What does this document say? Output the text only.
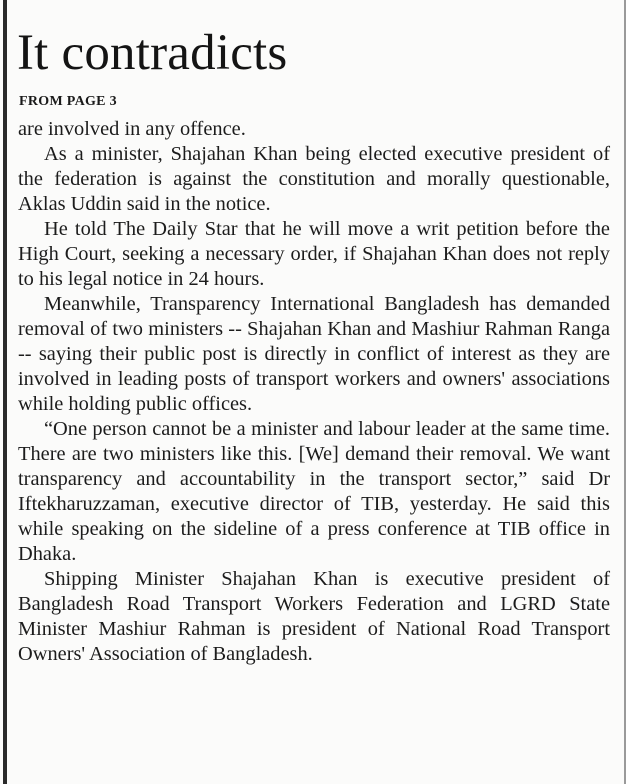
It contradicts
FROM PAGE 3

are involved in any offence.

As a minister, Shajahan Khan being elected executive president of the federation is against the constitution and morally questionable, Aklas Uddin said in the notice.

He told The Daily Star that he will move a writ petition before the High Court, seeking a necessary order, if Shajahan Khan does not reply to his legal notice in 24 hours.

Meanwhile, Transparency International Bangladesh has demanded removal of two ministers -- Shajahan Khan and Mashiur Rahman Ranga -- saying their public post is directly in conflict of interest as they are involved in leading posts of transport workers and owners' associations while holding public offices.

“One person cannot be a minister and labour leader at the same time. There are two ministers like this. [We] demand their removal. We want transparency and accountability in the transport sector,” said Dr Iftekharuzzaman, executive director of TIB, yesterday. He said this while speaking on the sideline of a press conference at TIB office in Dhaka.

Shipping Minister Shajahan Khan is executive president of Bangladesh Road Transport Workers Federation and LGRD State Minister Mashiur Rahman is president of National Road Transport Owners' Association of Bangladesh.
